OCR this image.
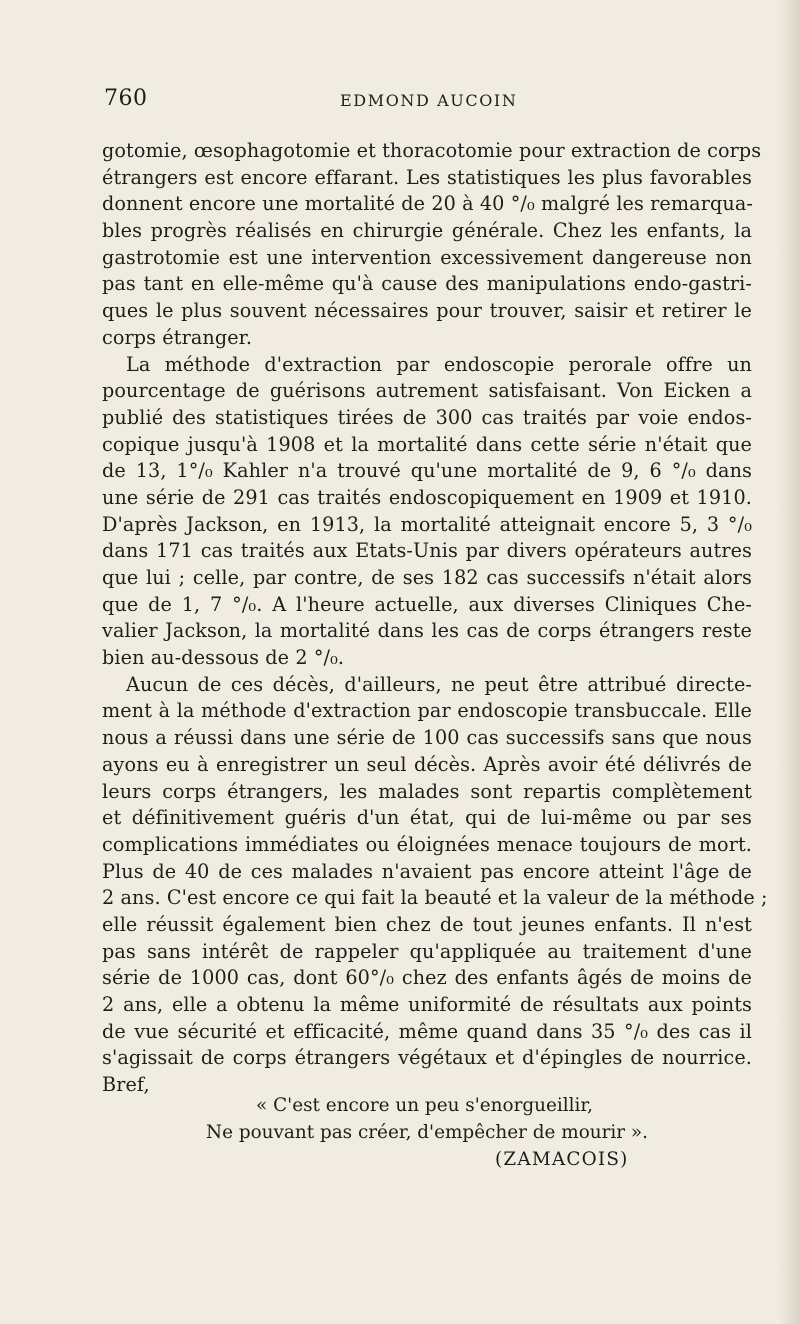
760	EDMOND AUCOIN
gotomie, œsophagotomie et thoracotomie pour extraction de corps
étrangers est encore effarant. Les statistiques les plus favorables
donnent encore une mortalité de 20 à 40 °/₀ malgré les remarqua-
bles progrès réalisés en chirurgie générale. Chez les enfants, la
gastrotomie est une intervention excessivement dangereuse non
pas tant en elle-même qu'à cause des manipulations endo-gastri-
ques le plus souvent nécessaires pour trouver, saisir et retirer le
corps étranger.
La méthode d'extraction par endoscopie perorale offre un
pourcentage de guérisons autrement satisfaisant. Von Eicken a
publié des statistiques tirées de 300 cas traités par voie endos-
copique jusqu'à 1908 et la mortalité dans cette série n'était que
de 13, 1°/₀ Kahler n'a trouvé qu'une mortalité de 9, 6 °/₀ dans
une série de 291 cas traités endoscopiquement en 1909 et 1910.
D'après Jackson, en 1913, la mortalité atteignait encore 5, 3 °/₀
dans 171 cas traités aux Etats-Unis par divers opérateurs autres
que lui ; celle, par contre, de ses 182 cas successifs n'était alors
que de 1, 7 °/₀. A l'heure actuelle, aux diverses Cliniques Che-
valier Jackson, la mortalité dans les cas de corps étrangers reste
bien au-dessous de 2 °/₀.
Aucun de ces décès, d'ailleurs, ne peut être attribué directe-
ment à la méthode d'extraction par endoscopie transbuccale. Elle
nous a réussi dans une série de 100 cas successifs sans que nous
ayons eu à enregistrer un seul décès. Après avoir été délivrés de
leurs corps étrangers, les malades sont repartis complètement
et définitivement guéris d'un état, qui de lui-même ou par ses
complications immédiates ou éloignées menace toujours de mort.
Plus de 40 de ces malades n'avaient pas encore atteint l'âge de
2 ans. C'est encore ce qui fait la beauté et la valeur de la méthode ;
elle réussit également bien chez de tout jeunes enfants. Il n'est
pas sans intérêt de rappeler qu'appliquée au traitement d'une
série de 1000 cas, dont 60°/₀ chez des enfants âgés de moins de
2 ans, elle a obtenu la même uniformité de résultats aux points
de vue sécurité et efficacité, même quand dans 35 °/₀ des cas il
s'agissait de corps étrangers végétaux et d'épingles de nourrice.
Bref,
« C'est encore un peu s'enorgueillir,
Ne pouvant pas créer, d'empêcher de mourir ».
(ZAMACOIS)
